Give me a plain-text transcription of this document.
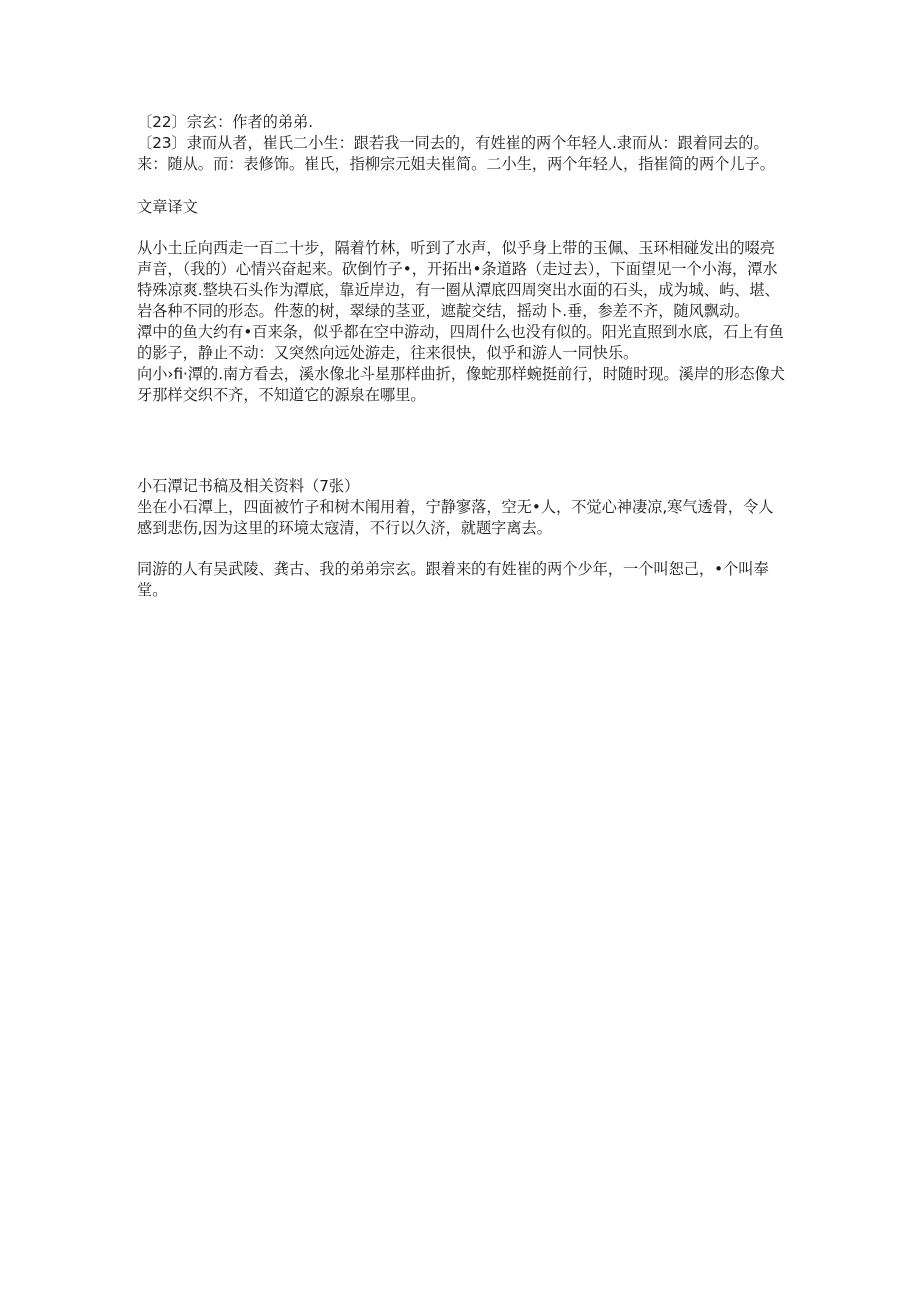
〔22〕宗玄：作者的弟弟.

〔23〕隶而从者，崔氏二小生：跟若我一同去的，有姓崔的两个年轻人.隶而从：跟着同去的。来：随从。而：表修饰。崔氏，指柳宗元姐夫崔简。二小生，两个年轻人，指崔简的两个儿子。

文章译文

从小土丘向西走一百二十步，隔着竹林，听到了水声，似乎身上带的玉佩、玉环相碰发出的啜亮声音，（我的）心情兴奋起来。砍倒竹子•，开拓出•条道路（走过去），下面望见一个小海，潭水特殊凉爽.整块石头作为潭底，靠近岸边，有一圈从潭底四周突出水面的石头，成为城、屿、堪、岩各种不同的形态。件葱的树，翠绿的茎亚，遮靛交结，摇动卜.垂，参差不齐，随风飘动。

潭中的鱼大约有•百来条，似乎都在空中游动，四周什么也没有似的。阳光直照到水底，石上有鱼的影子，静止不动：又突然向远处游走，往来很快，似乎和游人一同快乐。

向小›fi·潭的.南方看去，溪水像北斗星那样曲折，像蛇那样蜿挺前行，时随时现。溪岸的形态像犬牙那样交织不齐，不知道它的源泉在哪里。

小石潭记书稿及相关资料（7张）

坐在小石潭上，四面被竹子和树木闱用着，宁静寥落，空无•人，不觉心神凄凉,寒气透骨，令人感到悲伤,因为这里的环境太寇清，不行以久济，就题字离去。

同游的人有吴武陵、龚古、我的弟弟宗玄。跟着来的有姓崔的两个少年，一个叫恕己，•个叫奉堂。
